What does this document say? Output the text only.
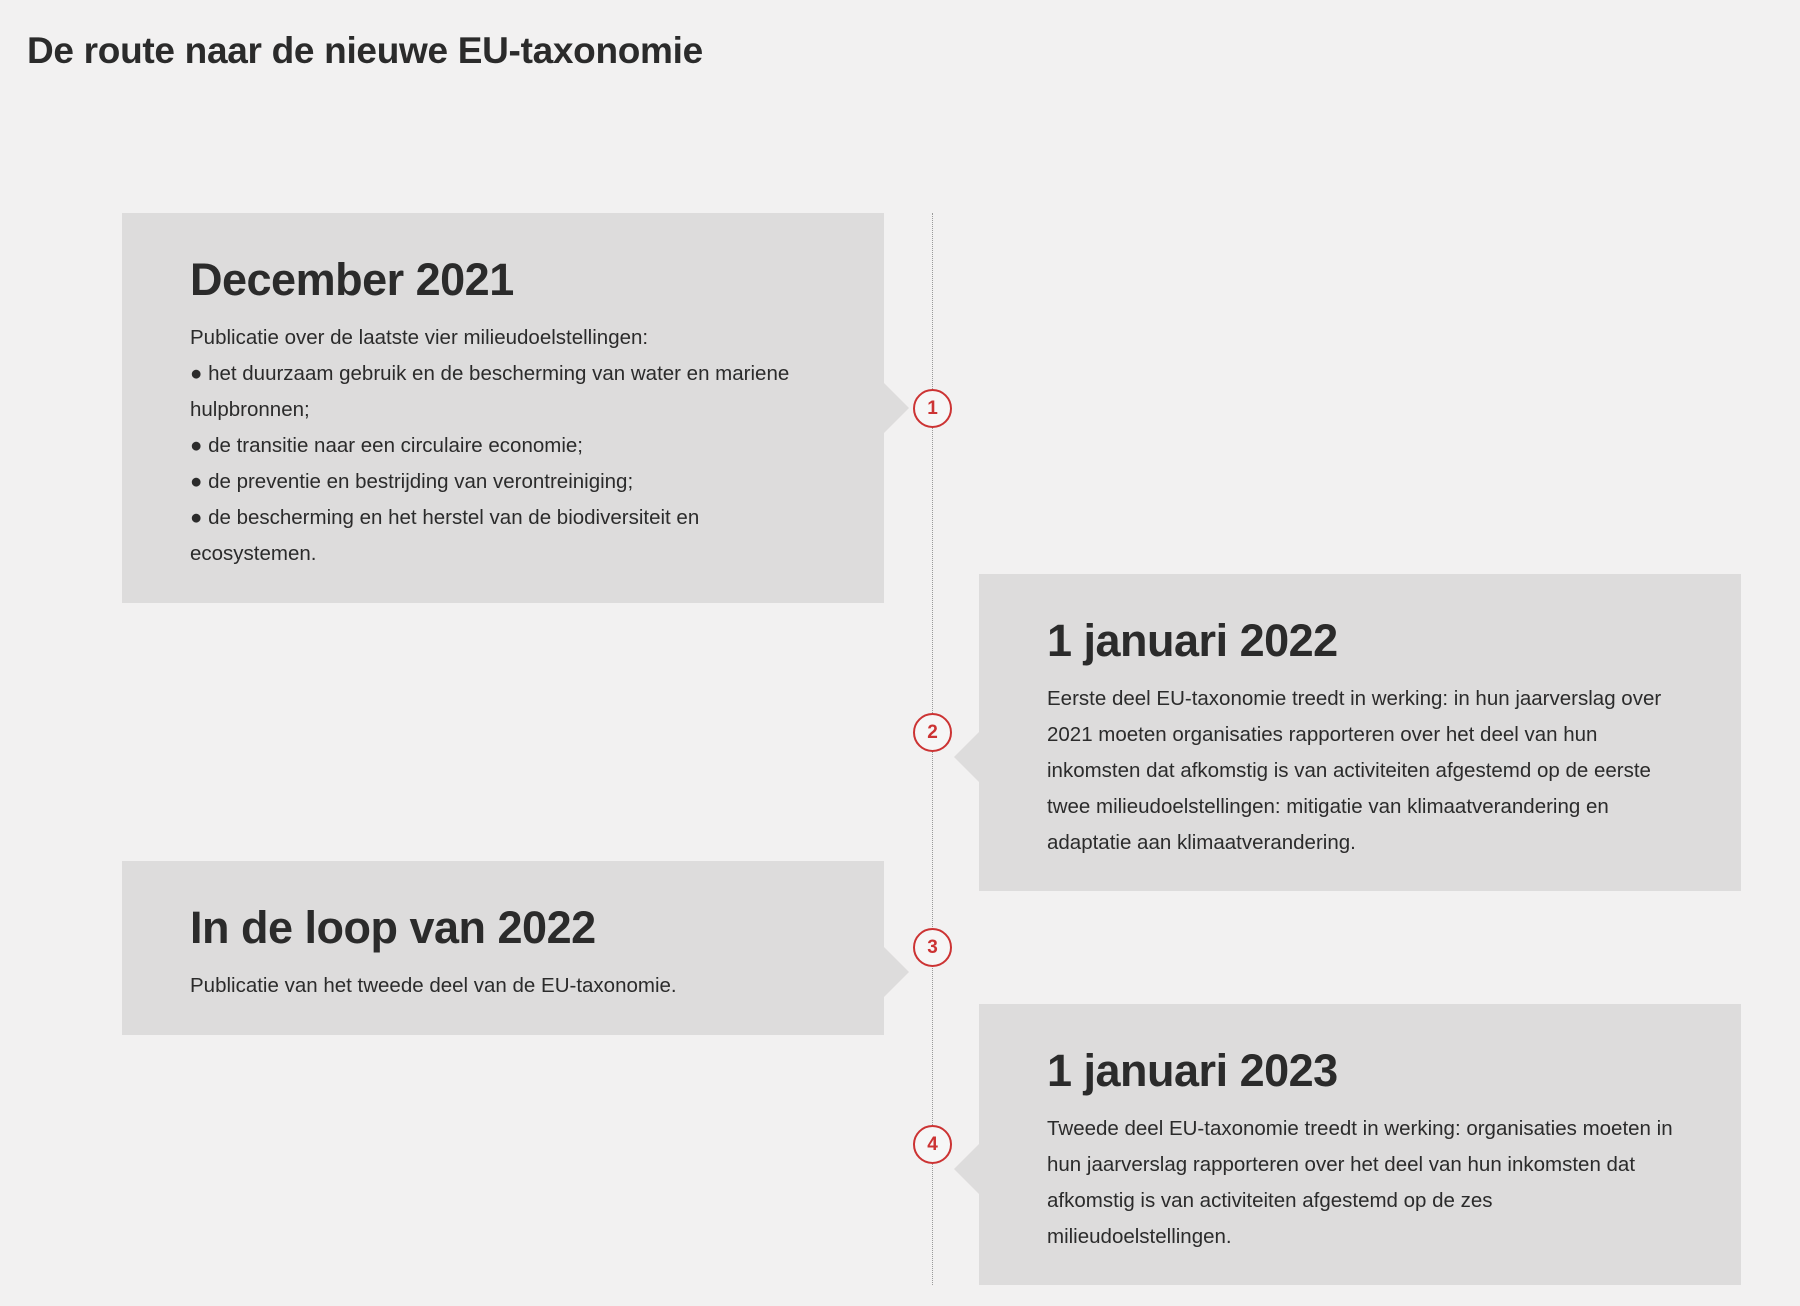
De route naar de nieuwe EU-taxonomie
December 2021

Publicatie over de laatste vier milieudoelstellingen:

● het duurzaam gebruik en de bescherming van water en mariene hulpbronnen;
● de transitie naar een circulaire economie;
● de preventie en bestrijding van verontreiniging;
● de bescherming en het herstel van de biodiversiteit en ecosystemen.
1
1 januari 2022

Eerste deel EU-taxonomie treedt in werking: in hun jaarverslag over 2021 moeten organisaties rapporteren over het deel van hun inkomsten dat afkomstig is van activiteiten afgestemd op de eerste twee milieudoelstellingen: mitigatie van klimaatverandering en adaptatie aan klimaatverandering.

2
In de loop van 2022

Publicatie van het tweede deel van de EU-taxonomie.

3
1 januari 2023

Tweede deel EU-taxonomie treedt in werking: organisaties moeten in hun jaarverslag rapporteren over het deel van hun inkomsten dat afkomstig is van activiteiten afgestemd op de zes milieudoelstellingen.

4
